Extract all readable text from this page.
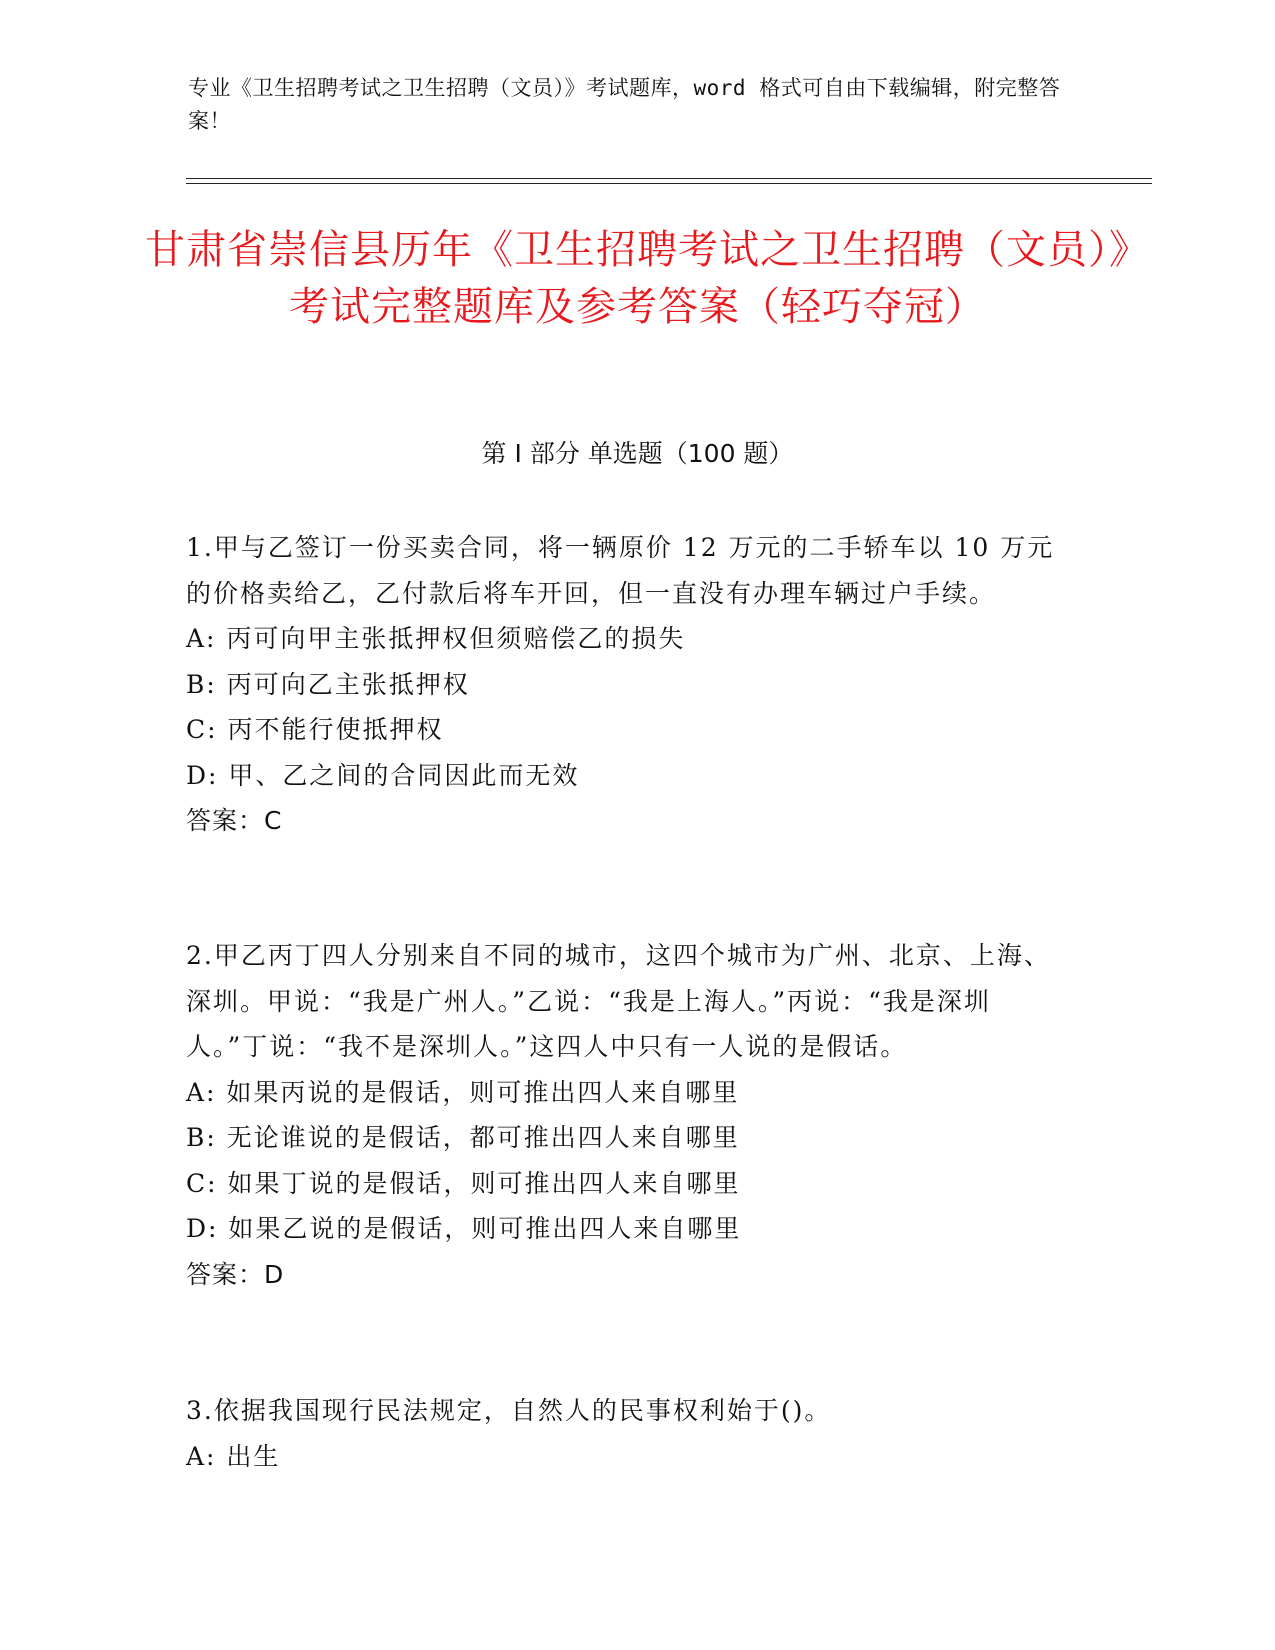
专业《卫生招聘考试之卫生招聘（文员）》考试题库，word 格式可自由下载编辑，附完整答案！
甘肃省崇信县历年《卫生招聘考试之卫生招聘（文员）》考试完整题库及参考答案（轻巧夺冠）
第 I 部分 单选题（100 题）

1.甲与乙签订一份买卖合同，将一辆原价 12 万元的二手轿车以 10 万元的价格卖给乙，乙付款后将车开回，但一直没有办理车辆过户手续。

A: 丙可向甲主张抵押权但须赔偿乙的损失

B: 丙可向乙主张抵押权

C: 丙不能行使抵押权

D: 甲、乙之间的合同因此而无效

答案：C

2.甲乙丙丁四人分别来自不同的城市，这四个城市为广州、北京、上海、深圳。甲说：“我是广州人。”乙说：“我是上海人。”丙说：“我是深圳人。”丁说：“我不是深圳人。”这四人中只有一人说的是假话。

A: 如果丙说的是假话，则可推出四人来自哪里

B: 无论谁说的是假话，都可推出四人来自哪里

C: 如果丁说的是假话，则可推出四人来自哪里

D: 如果乙说的是假话，则可推出四人来自哪里

答案：D

3.依据我国现行民法规定，自然人的民事权利始于()。

A: 出生
